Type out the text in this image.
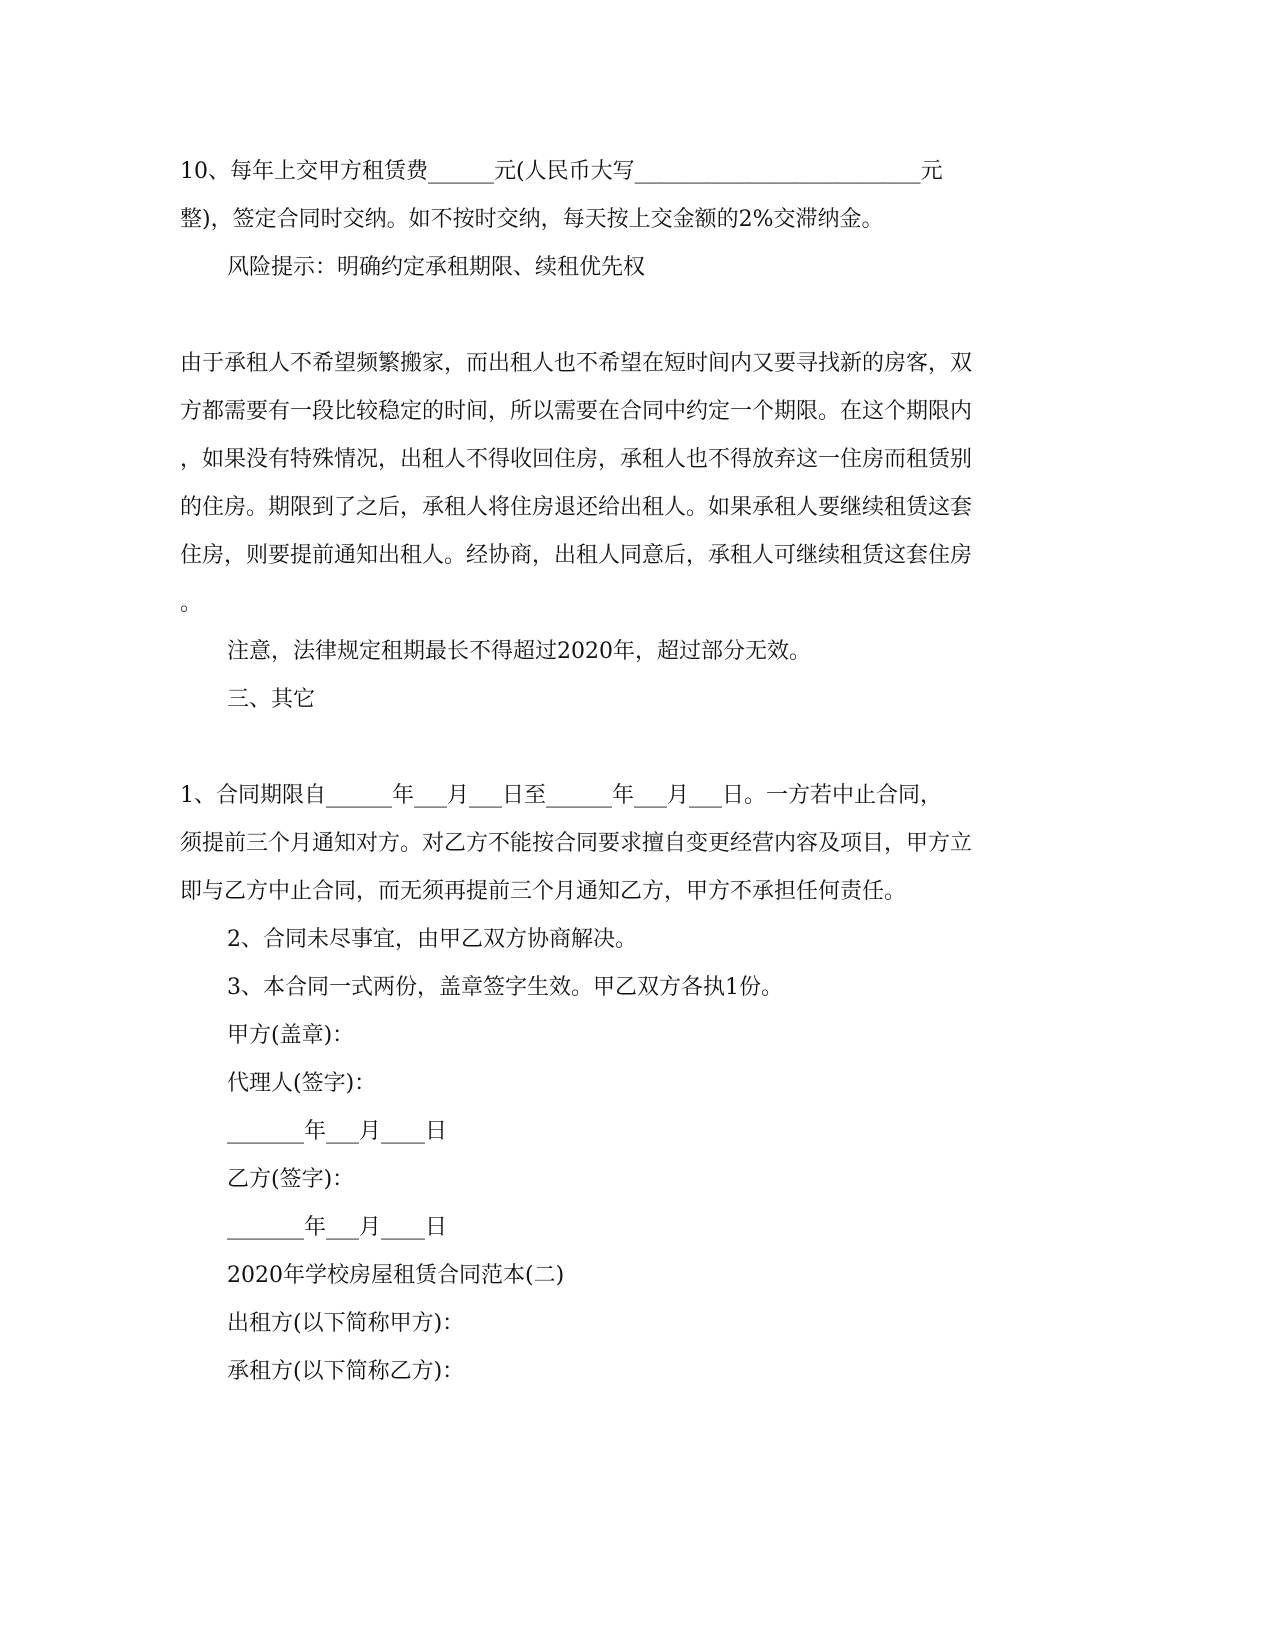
10、每年上交甲方租赁费______元(人民币大写__________________________元
整)，签定合同时交纳。如不按时交纳，每天按上交金额的2%交滞纳金。
风险提示：明确约定承租期限、续租优先权
由于承租人不希望频繁搬家，而出租人也不希望在短时间内又要寻找新的房客，双
方都需要有一段比较稳定的时间，所以需要在合同中约定一个期限。在这个期限内
，如果没有特殊情况，出租人不得收回住房，承租人也不得放弃这一住房而租赁别
的住房。期限到了之后，承租人将住房退还给出租人。如果承租人要继续租赁这套
住房，则要提前通知出租人。经协商，出租人同意后，承租人可继续租赁这套住房
。
注意，法律规定租期最长不得超过2020年，超过部分无效。
三、其它
1、合同期限自______年___月___日至______年___月___日。一方若中止合同，
须提前三个月通知对方。对乙方不能按合同要求擅自变更经营内容及项目，甲方立
即与乙方中止合同，而无须再提前三个月通知乙方，甲方不承担任何责任。
2、合同未尽事宜，由甲乙双方协商解决。
3、本合同一式两份，盖章签字生效。甲乙双方各执1份。
甲方(盖章)：
代理人(签字)：
_______年___月____日
乙方(签字)：
_______年___月____日
2020年学校房屋租赁合同范本(二)
出租方(以下简称甲方)：
承租方(以下简称乙方)：
